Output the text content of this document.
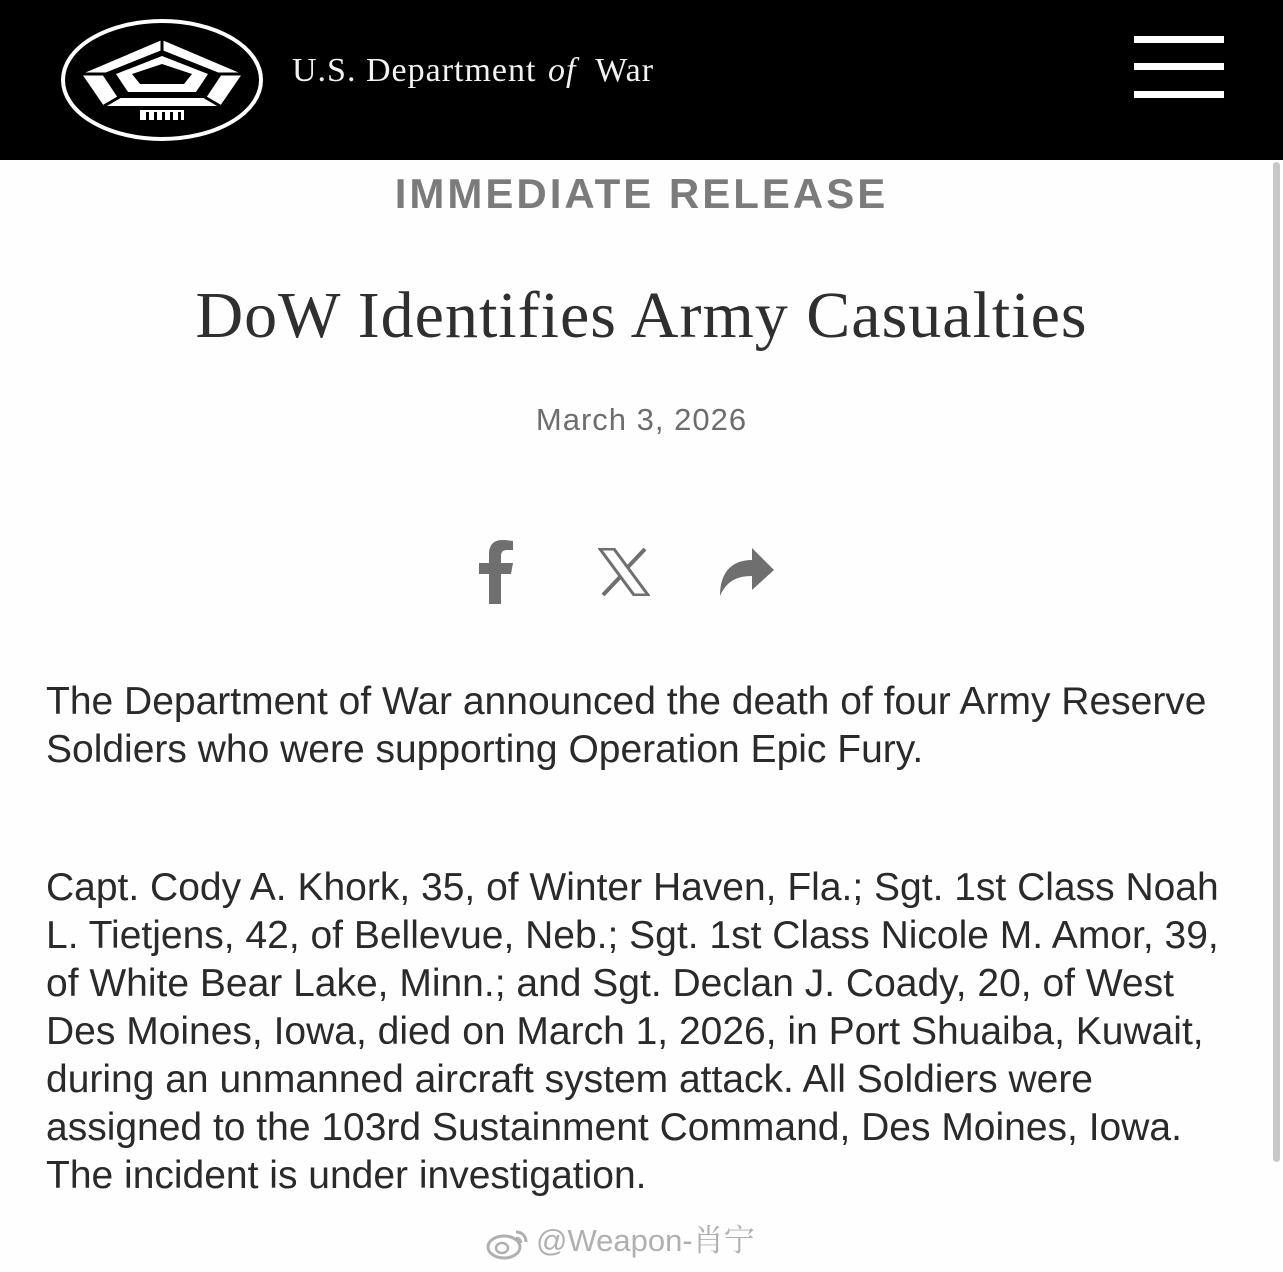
U.S. Department of War
IMMEDIATE RELEASE
DoW Identifies Army Casualties
March 3, 2026

The Department of War announced the death of four Army Reserve Soldiers who were supporting Operation Epic Fury.

Capt. Cody A. Khork, 35, of Winter Haven, Fla.; Sgt. 1st Class Noah L. Tietjens, 42, of Bellevue, Neb.; Sgt. 1st Class Nicole M. Amor, 39, of White Bear Lake, Minn.; and Sgt. Declan J. Coady, 20, of West Des Moines, Iowa, died on March 1, 2026, in Port Shuaiba, Kuwait, during an unmanned aircraft system attack. All Soldiers were assigned to the 103rd Sustainment Command, Des Moines, Iowa. The incident is under investigation.

@Weapon-肖宁
